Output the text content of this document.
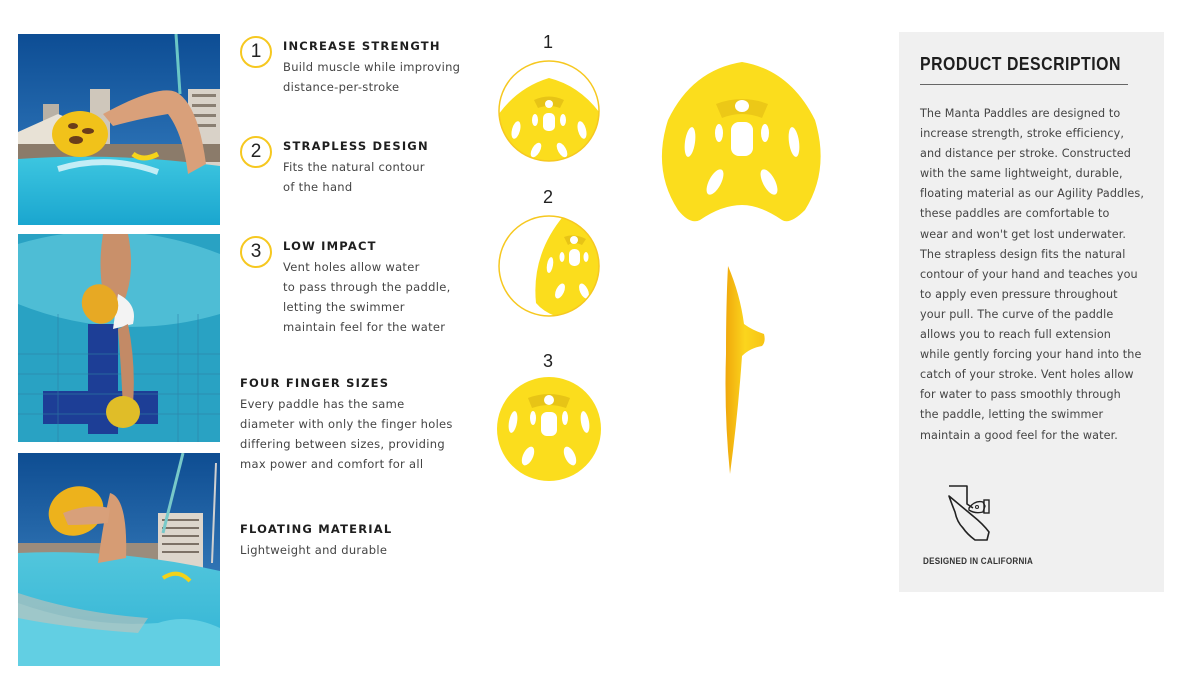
1	INCREASE STRENGTH
Build muscle while improving
distance-per-stroke
2	STRAPLESS DESIGN
Fits the natural contour
of the hand
3	LOW IMPACT
Vent holes allow water
to pass through the paddle,
letting the swimmer
maintain feel for the water
FOUR FINGER SIZES
Every paddle has the same
diameter with only the finger holes
differing between sizes, providing
max power and comfort for all
FLOATING MATERIAL
Lightweight and durable
1
2
3
PRODUCT DESCRIPTION
The Manta Paddles are designed to
increase strength, stroke efficiency,
and distance per stroke. Constructed
with the same lightweight, durable,
floating material as our Agility Paddles,
these paddles are comfortable to
wear and won't get lost underwater.
The strapless design fits the natural
contour of your hand and teaches you
to apply even pressure throughout
your pull. The curve of the paddle
allows you to reach full extension
while gently forcing your hand into the
catch of your stroke. Vent holes allow
for water to pass smoothly through
the paddle, letting the swimmer
maintain a good feel for the water.
DESIGNED IN CALIFORNIA
